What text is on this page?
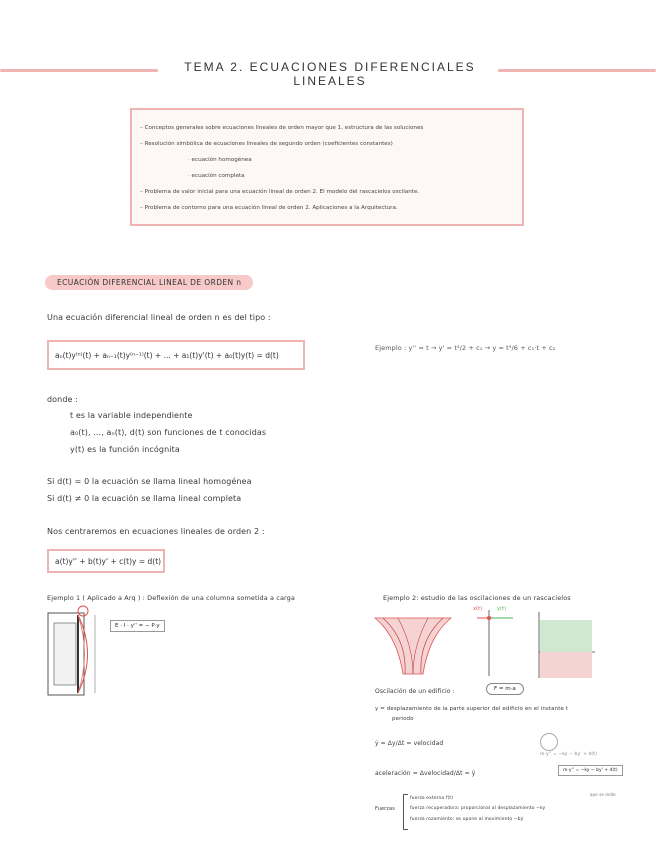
TEMA 2. ECUACIONES DIFERENCIALES LINEALES
– Conceptos generales sobre ecuaciones lineales de orden mayor que 1, estructura de las soluciones
– Resolución simbólica de ecuaciones lineales de segundo orden (coeficientes constantes)
· ecuación homogénea
· ecuación completa
– Problema de valor inicial para una ecuación lineal de orden 2. El modelo del rascacielos oscilante.
– Problema de contorno para una ecuación lineal de orden 2. Aplicaciones a la Arquitectura.
ECUACIÓN DIFERENCIAL LINEAL DE ORDEN n
Una ecuación diferencial lineal de orden n es del tipo :
aₙ(t)y⁽ⁿ⁾(t) + aₙ₋₁(t)y⁽ⁿ⁻¹⁾(t) + ... + a₁(t)y'(t) + a₀(t)y(t) = d(t)
Ejemplo : y'' = t → y' = t²/2 + c₁ → y = t³/6 + c₁·t + c₂
donde :
t es la variable independiente
a₀(t), ..., aₙ(t), d(t) son funciones de t conocidas
y(t) es la función incógnita
Si d(t) = 0 la ecuación se llama lineal homogénea
Si d(t) ≠ 0 la ecuación se llama lineal completa
Nos centraremos en ecuaciones lineales de orden 2 :
a(t)y'' + b(t)y' + c(t)y = d(t)
Ejemplo 1 ( Aplicado a Arq ) : Deflexión de una columna sometida a carga
E · I · y'' = − P·y
Ejemplo 2: estudio de las oscilaciones de un rascacielos
x(t)	y(t)
Oscilación de un edificio :	F = m·a
y = desplazamiento de la parte superior del edificio en el instante t
periodo
ẏ = Δy/Δt = velocidad
aceleración = Δvelocidad/Δt = ÿ
m·y'' = −ky − by' + d(t)
m·y'' = −ky − by' + d(t)
que se mide
Fuerzas
fuerza externa f(t)
fuerza recuperadora: proporcional al desplazamiento −ky
fuerza rozamiento: se opone al movimiento −bẏ
